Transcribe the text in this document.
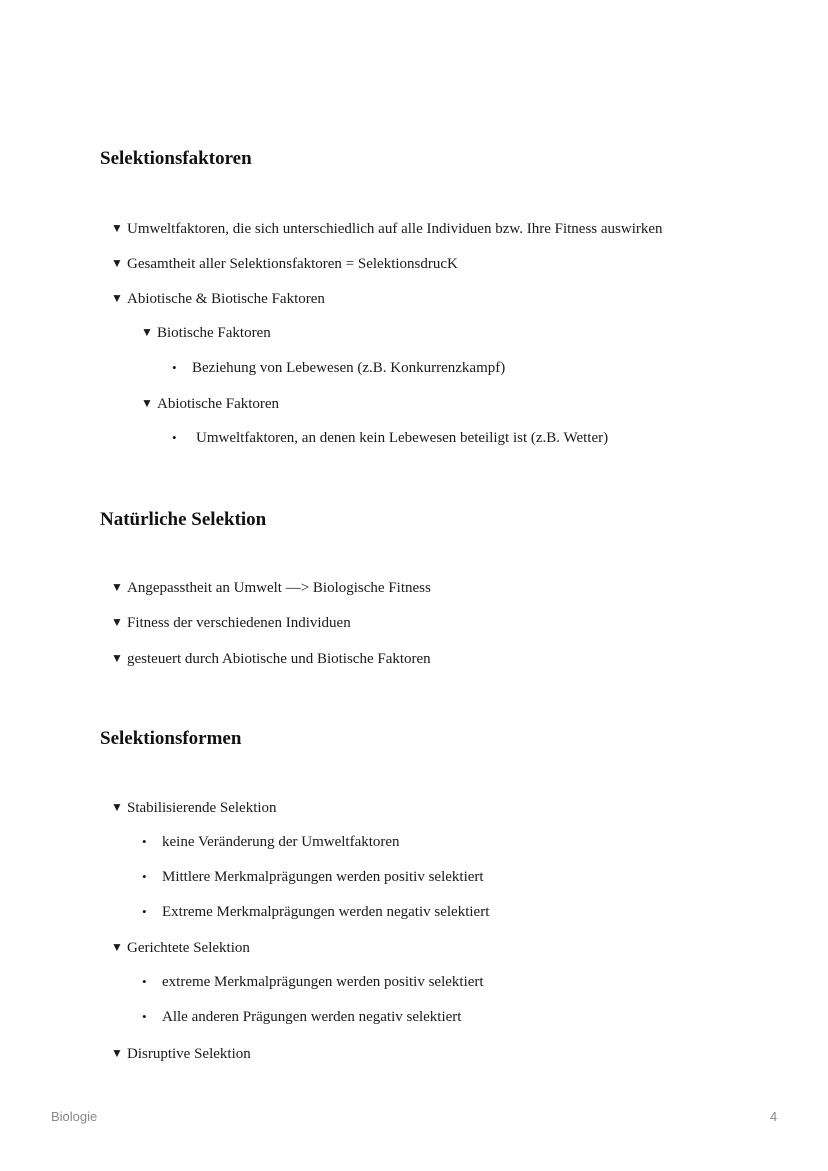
Selektionsfaktoren
▼ Umweltfaktoren, die sich unterschiedlich auf alle Individuen bzw. Ihre Fitness auswirken
▼ Gesamtheit aller Selektionsfaktoren = SelektionsdrucK
▼ Abiotische & Biotische Faktoren
▼ Biotische Faktoren
• Beziehung von Lebewesen (z.B. Konkurrenzkampf)
▼ Abiotische Faktoren
• Umweltfaktoren, an denen kein Lebewesen beteiligt ist (z.B. Wetter)
Natürliche Selektion
▼ Angepasstheit an Umwelt —> Biologische Fitness
▼ Fitness der verschiedenen Individuen
▼ gesteuert durch Abiotische und Biotische Faktoren
Selektionsformen
▼ Stabilisierende Selektion
• keine Veränderung der Umweltfaktoren
• Mittlere Merkmalprägungen werden positiv selektiert
• Extreme Merkmalprägungen werden negativ selektiert
▼ Gerichtete Selektion
• extreme Merkmalprägungen werden positiv selektiert
• Alle anderen Prägungen werden negativ selektiert
▼ Disruptive Selektion
Biologie	4
